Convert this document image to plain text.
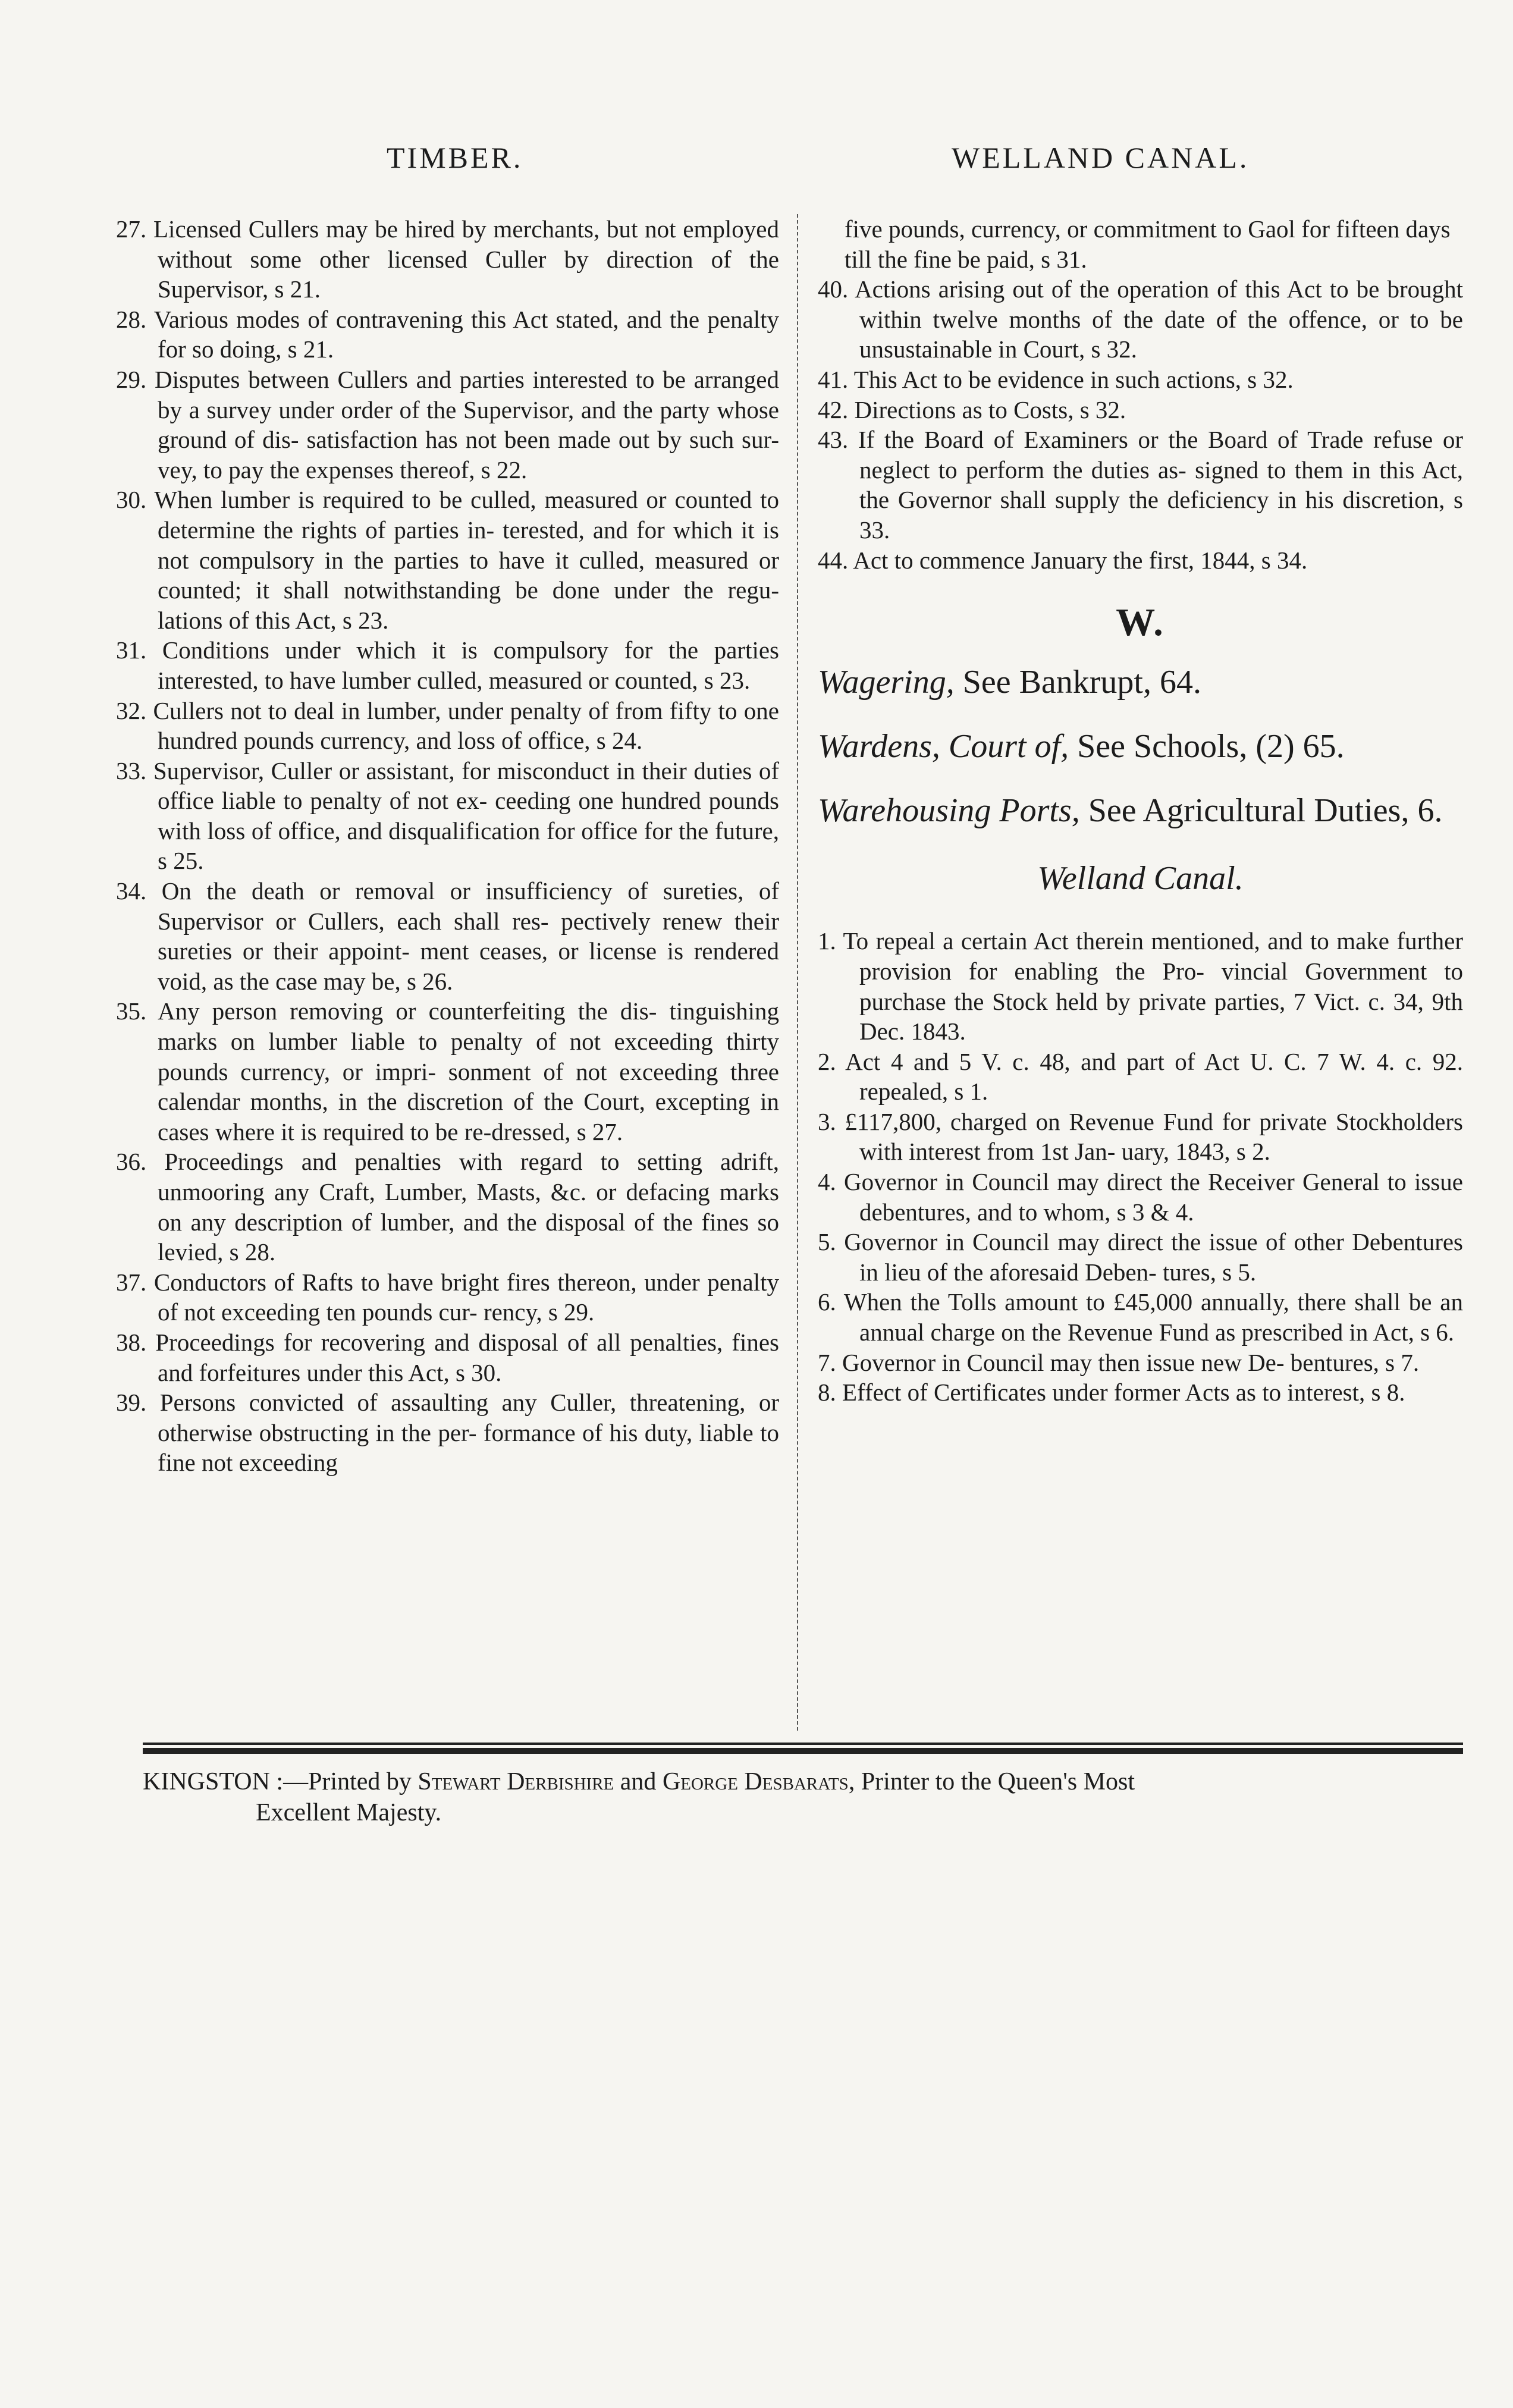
TIMBER.	WELLAND CANAL.

27. Licensed Cullers may be hired by merchants, but not employed without some other licensed Culler by direction of the Supervisor, s 21.

28. Various modes of contravening this Act stated, and the penalty for so doing, s 21.

29. Disputes between Cullers and parties interested to be arranged by a survey under order of the Supervisor, and the party whose ground of dis- satisfaction has not been made out by such sur- vey, to pay the expenses thereof, s 22.

30. When lumber is required to be culled, measured or counted to determine the rights of parties in- terested, and for which it is not compulsory in the parties to have it culled, measured or counted; it shall notwithstanding be done under the regu- lations of this Act, s 23.

31. Conditions under which it is compulsory for the parties interested, to have lumber culled, measured or counted, s 23.

32. Cullers not to deal in lumber, under penalty of from fifty to one hundred pounds currency, and loss of office, s 24.

33. Supervisor, Culler or assistant, for misconduct in their duties of office liable to penalty of not ex- ceeding one hundred pounds with loss of office, and disqualification for office for the future, s 25.

34. On the death or removal or insufficiency of sureties, of Supervisor or Cullers, each shall res- pectively renew their sureties or their appoint- ment ceases, or license is rendered void, as the case may be, s 26.

35. Any person removing or counterfeiting the dis- tinguishing marks on lumber liable to penalty of not exceeding thirty pounds currency, or impri- sonment of not exceeding three calendar months, in the discretion of the Court, excepting in cases where it is required to be re-dressed, s 27.

36. Proceedings and penalties with regard to setting adrift, unmooring any Craft, Lumber, Masts, &c. or defacing marks on any description of lumber, and the disposal of the fines so levied, s 28.

37. Conductors of Rafts to have bright fires thereon, under penalty of not exceeding ten pounds cur- rency, s 29.

38. Proceedings for recovering and disposal of all penalties, fines and forfeitures under this Act, s 30.

39. Persons convicted of assaulting any Culler, threatening, or otherwise obstructing in the per- formance of his duty, liable to fine not exceeding

five pounds, currency, or commitment to Gaol for fifteen days till the fine be paid, s 31.

40. Actions arising out of the operation of this Act to be brought within twelve months of the date of the offence, or to be unsustainable in Court, s 32.

41. This Act to be evidence in such actions, s 32.

42. Directions as to Costs, s 32.

43. If the Board of Examiners or the Board of Trade refuse or neglect to perform the duties as- signed to them in this Act, the Governor shall supply the deficiency in his discretion, s 33.

44. Act to commence January the first, 1844, s 34.

W.

Wagering, See Bankrupt, 64.

Wardens, Court of, See Schools, (2) 65.

Warehousing Ports, See Agricultural Duties, 6.

Welland Canal.

1. To repeal a certain Act therein mentioned, and to make further provision for enabling the Pro- vincial Government to purchase the Stock held by private parties, 7 Vict. c. 34, 9th Dec. 1843.

2. Act 4 and 5 V. c. 48, and part of Act U. C. 7 W. 4. c. 92. repealed, s 1.

3. £117,800, charged on Revenue Fund for private Stockholders with interest from 1st Jan- uary, 1843, s 2.

4. Governor in Council may direct the Receiver General to issue debentures, and to whom, s 3 & 4.

5. Governor in Council may direct the issue of other Debentures in lieu of the aforesaid Deben- tures, s 5.

6. When the Tolls amount to £45,000 annually, there shall be an annual charge on the Revenue Fund as prescribed in Act, s 6.

7. Governor in Council may then issue new De- bentures, s 7.

8. Effect of Certificates under former Acts as to interest, s 8.

KINGSTON :—Printed by Stewart Derbishire and George Desbarats, Printer to the Queen's Most
Excellent Majesty.
